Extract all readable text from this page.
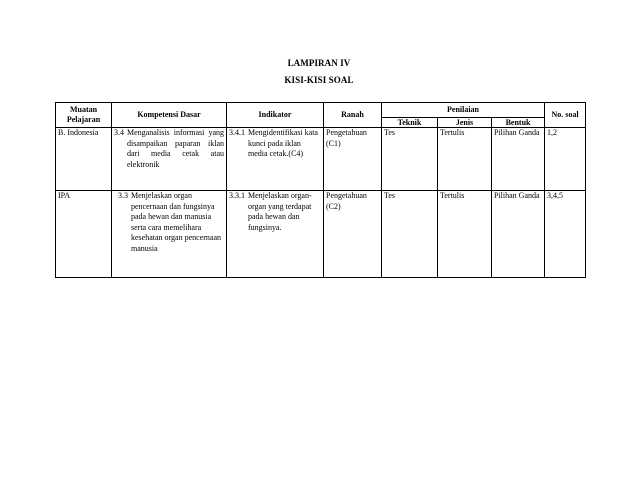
LAMPIRAN IV
KISI-KISI SOAL
Muatan Pelajaran	Kompetensi Dasar	Indikator	Ranah	Penilaian			No. soal
				Teknik	Jenis	Bentuk	
B. Indonesia	3.4 Menganalisis informasi yang disampaikan paparan iklan dari media cetak atau elektronik	3.4.1 Mengidentifikasi kata kunci pada iklan media cetak.(C4)	Pengetahuan (C1)	Tes	Tertulis	Pilihan Ganda	1,2
IPA	3.3 Menjelaskan organ pencernaan dan fungsinya pada hewan dan manusia serta cara memelihara kesehatan organ pencernaan manusia	3.3.1 Menjelaskan organ-organ yang terdapat pada hewan dan fungsinya.	Pengetahuan (C2)	Tes	Tertulis	Pilihan Ganda	3,4,5
